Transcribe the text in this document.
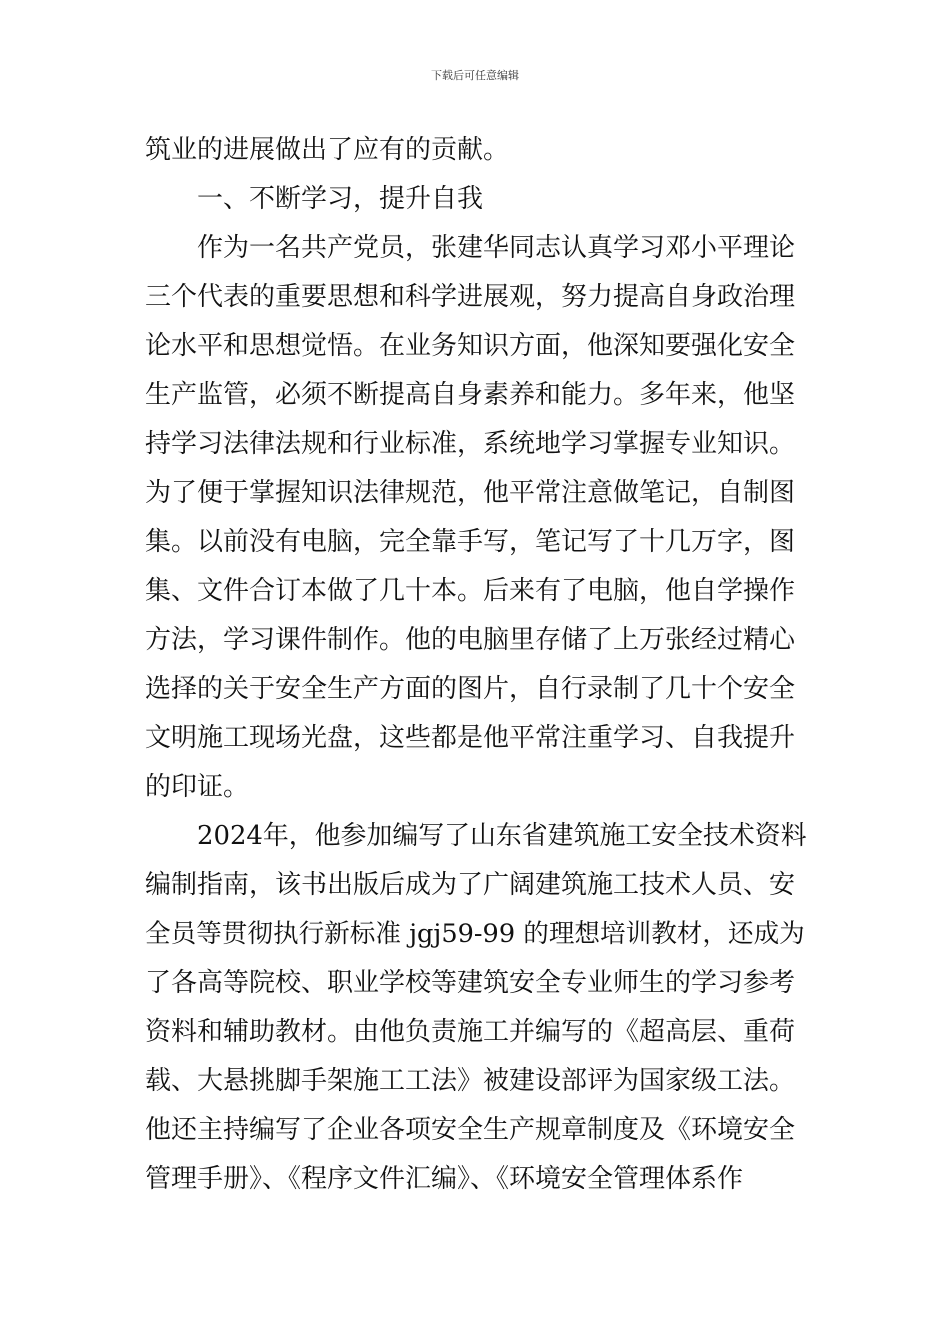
下载后可任意编辑
筑业的进展做出了应有的贡献。
一、不断学习，提升自我
作为一名共产党员，张建华同志认真学习邓小平理论
三个代表的重要思想和科学进展观，努力提高自身政治理
论水平和思想觉悟。在业务知识方面，他深知要强化安全
生产监管，必须不断提高自身素养和能力。多年来，他坚
持学习法律法规和行业标准，系统地学习掌握专业知识。
为了便于掌握知识法律规范，他平常注意做笔记，自制图
集。以前没有电脑，完全靠手写，笔记写了十几万字，图
集、文件合订本做了几十本。后来有了电脑，他自学操作
方法，学习课件制作。他的电脑里存储了上万张经过精心
选择的关于安全生产方面的图片，自行录制了几十个安全
文明施工现场光盘，这些都是他平常注重学习、自我提升
的印证。
2024年，他参加编写了山东省建筑施工安全技术资料
编制指南，该书出版后成为了广阔建筑施工技术人员、安
全员等贯彻执行新标准 jgj59-99 的理想培训教材，还成为
了各高等院校、职业学校等建筑安全专业师生的学习参考
资料和辅助教材。由他负责施工并编写的《超高层、重荷
载、大悬挑脚手架施工工法》被建设部评为国家级工法。
他还主持编写了企业各项安全生产规章制度及《环境安全
管理手册》、《程序文件汇编》、《环境安全管理体系作
